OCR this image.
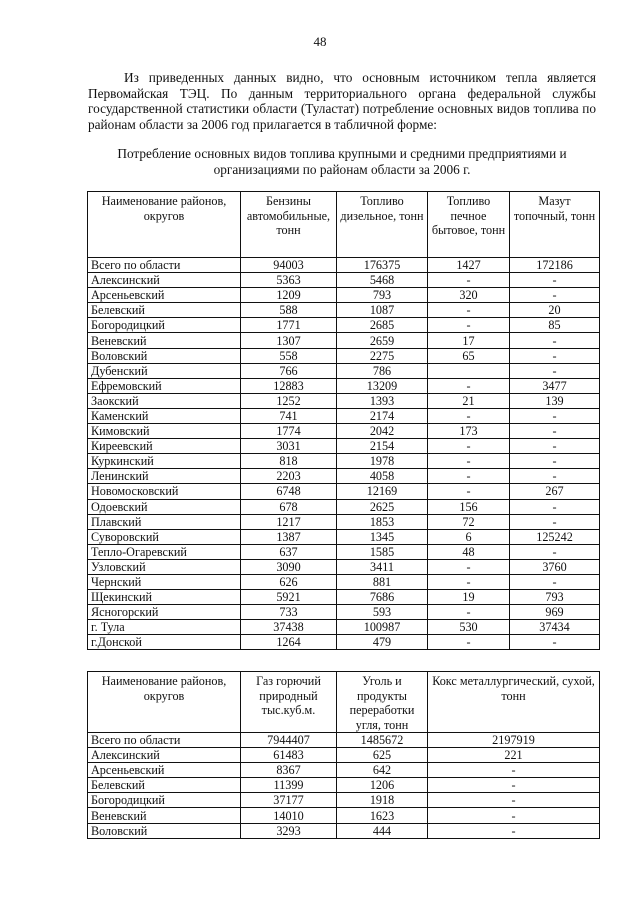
48

Из приведенных данных видно, что основным источником тепла является Первомайская ТЭЦ. По данным территориального органа федеральной службы государственной статистики области (Туластат) потребление основных видов топлива по районам области за 2006 год прилагается в табличной форме:

Потребление основных видов топлива крупными и средними предприятиями и
организациями по районам области за 2006 г.

Наименование районов, округов	Бензины автомобильные, тонн	Топливо дизельное, тонн	Топливо печное бытовое, тонн	Мазут топочный, тонн
Всего по области	94003	176375	1427	172186
Алексинский	5363	5468	-	-
Арсеньевский	1209	793	320	-
Белевский	588	1087	-	20
Богородицкий	1771	2685	-	85
Веневский	1307	2659	17	-
Воловский	558	2275	65	-
Дубенский	766	786		-
Ефремовский	12883	13209	-	3477
Заокский	1252	1393	21	139
Каменский	741	2174	-	-
Кимовский	1774	2042	173	-
Киреевский	3031	2154	-	-
Куркинский	818	1978	-	-
Ленинский	2203	4058	-	-
Новомосковский	6748	12169	-	267
Одоевский	678	2625	156	-
Плавский	1217	1853	72	-
Суворовский	1387	1345	6	125242
Тепло-Огаревский	637	1585	48	-
Узловский	3090	3411	-	3760
Чернский	626	881	-	-
Щекинский	5921	7686	19	793
Ясногорский	733	593	-	969
г. Тула	37438	100987	530	37434
г.Донской	1264	479	-	-
Наименование районов, округов	Газ горючий природный тыс.куб.м.	Уголь и продукты переработки угля, тонн	Кокс металлургический, сухой, тонн
Всего по области	7944407	1485672	2197919
Алексинский	61483	625	221
Арсеньевский	8367	642	-
Белевский	11399	1206	-
Богородицкий	37177	1918	-
Веневский	14010	1623	-
Воловский	3293	444	-
